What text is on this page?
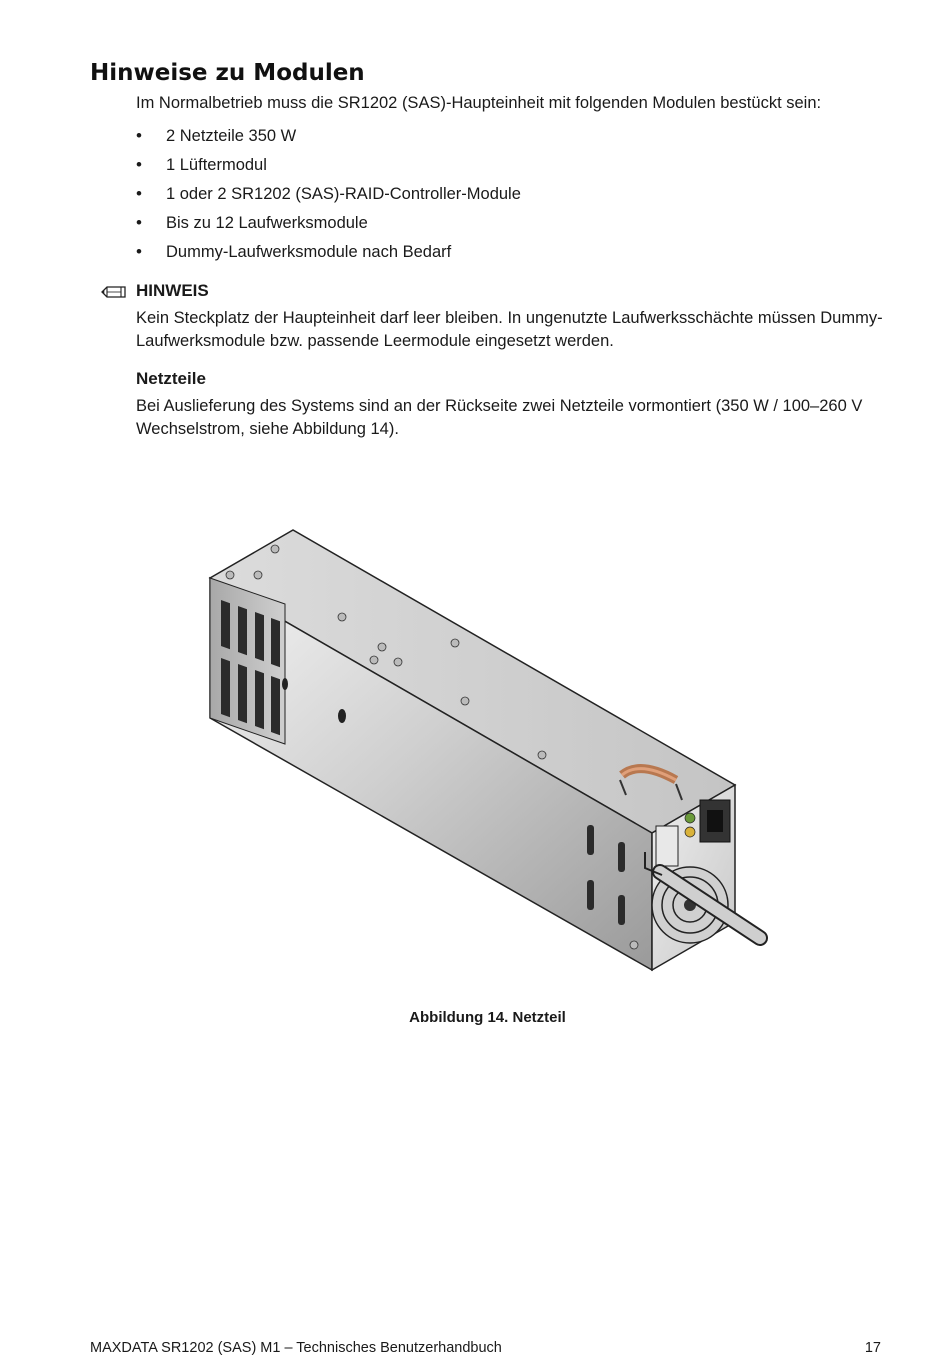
Hinweise zu Modulen
Im Normalbetrieb muss die SR1202 (SAS)-Haupteinheit mit folgenden Modulen bestückt sein:
• 2 Netzteile 350 W
• 1 Lüftermodul
• 1 oder 2 SR1202 (SAS)-RAID-Controller-Module
• Bis zu 12 Laufwerksmodule
• Dummy-Laufwerksmodule nach Bedarf
HINWEIS
Kein Steckplatz der Haupteinheit darf leer bleiben. In ungenutzte Laufwerksschächte müssen Dummy-Laufwerksmodule bzw. passende Leermodule eingesetzt werden.
Netzteile
Bei Auslieferung des Systems sind an der Rückseite zwei Netzteile vormontiert (350 W / 100–260 V Wechselstrom, siehe Abbildung 14).
Abbildung 14. Netzteil
MAXDATA SR1202 (SAS) M1 – Technisches Benutzerhandbuch	17
